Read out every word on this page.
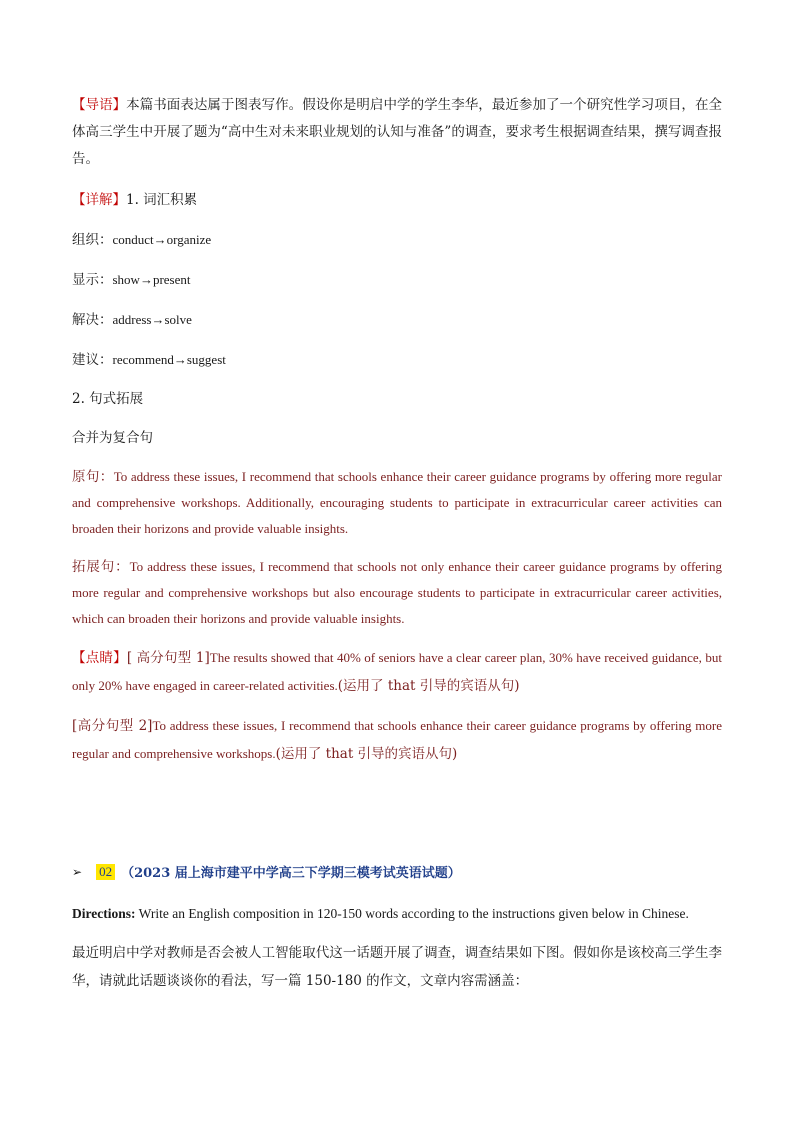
【导语】本篇书面表达属于图表写作。假设你是明启中学的学生李华，最近参加了一个研究性学习项目，在全体高三学生中开展了题为“高中生对未来职业规划的认知与准备”的调查，要求考生根据调查结果，撰写调查报告。

【详解】1. 词汇积累

组织：conduct→organize

显示：show→present

解决：address→solve

建议：recommend→suggest

2. 句式拓展

合并为复合句

原句：To address these issues, I recommend that schools enhance their career guidance programs by offering more regular and comprehensive workshops. Additionally, encouraging students to participate in extracurricular career activities can broaden their horizons and provide valuable insights.

拓展句：To address these issues, I recommend that schools not only enhance their career guidance programs by offering more regular and comprehensive workshops but also encourage students to participate in extracurricular career activities, which can broaden their horizons and provide valuable insights.

【点睛】[ 高分句型 1]The results showed that 40% of seniors have a clear career plan, 30% have received guidance, but only 20% have engaged in career-related activities.(运用了 that 引导的宾语从句)

[高分句型 2]To address these issues, I recommend that schools enhance their career guidance programs by offering more regular and comprehensive workshops.(运用了 that 引导的宾语从句)

➢ 02 （2023 届上海市建平中学高三下学期三模考试英语试题）

Directions: Write an English composition in 120-150 words according to the instructions given below in Chinese.

最近明启中学对教师是否会被人工智能取代这一话题开展了调查，调查结果如下图。假如你是该校高三学生李华，请就此话题谈谈你的看法，写一篇 150-180 的作文，文章内容需涵盖：
